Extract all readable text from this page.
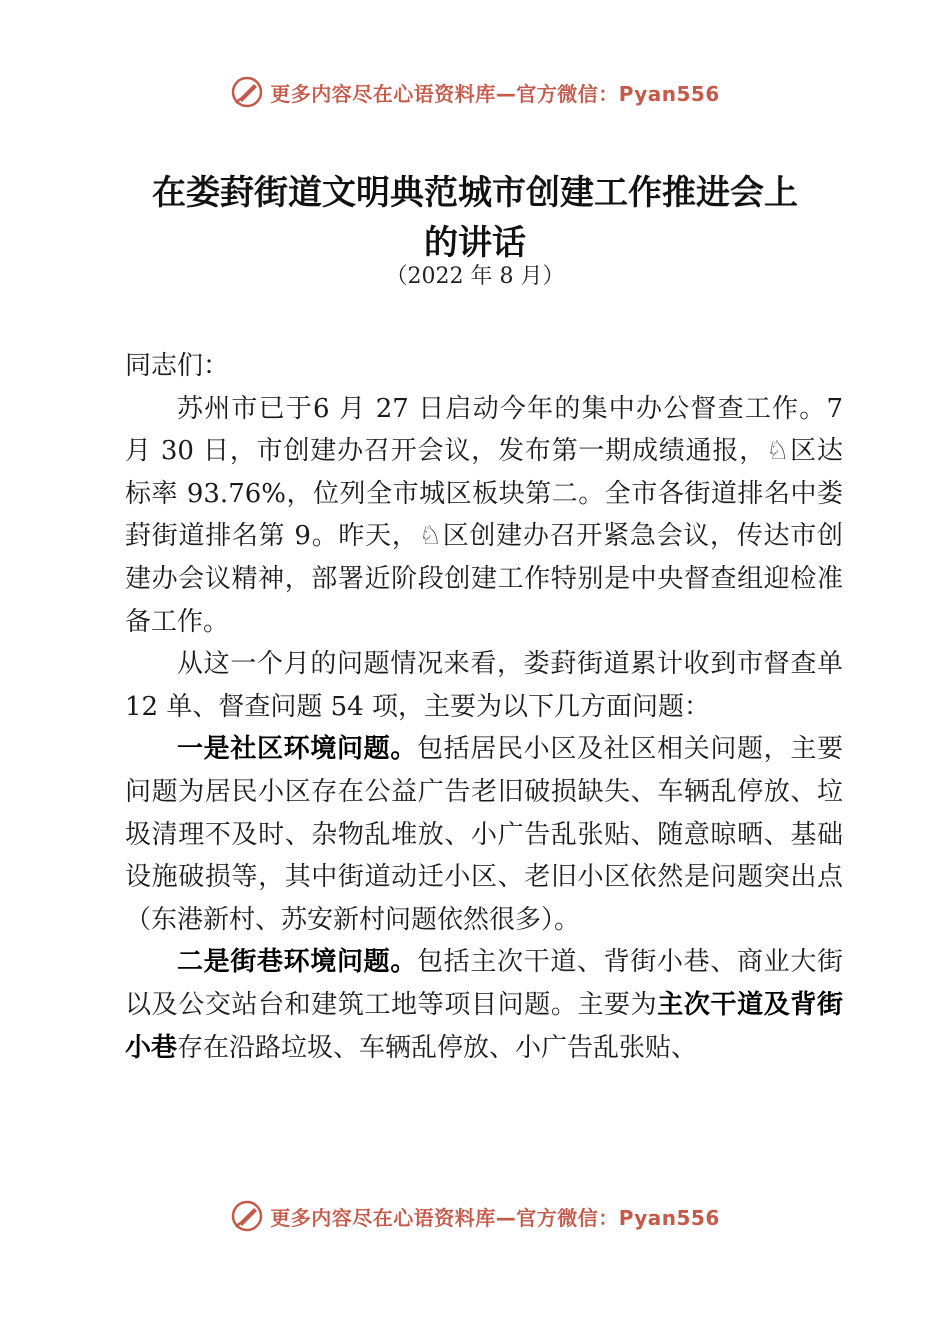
更多内容尽在心语资料库—官方微信：Pyan556
在娄葑街道文明典范城市创建工作推进会上
的讲话
（2022 年 8 月）

同志们：

苏州市已于6 月 27 日启动今年的集中办公督查工作。7 月 30 日，市创建办召开会议，发布第一期成绩通报，♘区达标率 93.76%，位列全市城区板块第二。全市各街道排名中娄葑街道排名第 9。昨天，♘区创建办召开紧急会议，传达市创建办会议精神，部署近阶段创建工作特别是中央督查组迎检准备工作。

从这一个月的问题情况来看，娄葑街道累计收到市督查单 12 单、督查问题 54 项，主要为以下几方面问题：

一是社区环境问题。包括居民小区及社区相关问题，主要问题为居民小区存在公益广告老旧破损缺失、车辆乱停放、垃圾清理不及时、杂物乱堆放、小广告乱张贴、随意晾晒、基础设施破损等，其中街道动迁小区、老旧小区依然是问题突出点（东港新村、苏安新村问题依然很多）。

二是街巷环境问题。包括主次干道、背街小巷、商业大街以及公交站台和建筑工地等项目问题。主要为主次干道及背街小巷存在沿路垃圾、车辆乱停放、小广告乱张贴、

更多内容尽在心语资料库—官方微信：Pyan556
